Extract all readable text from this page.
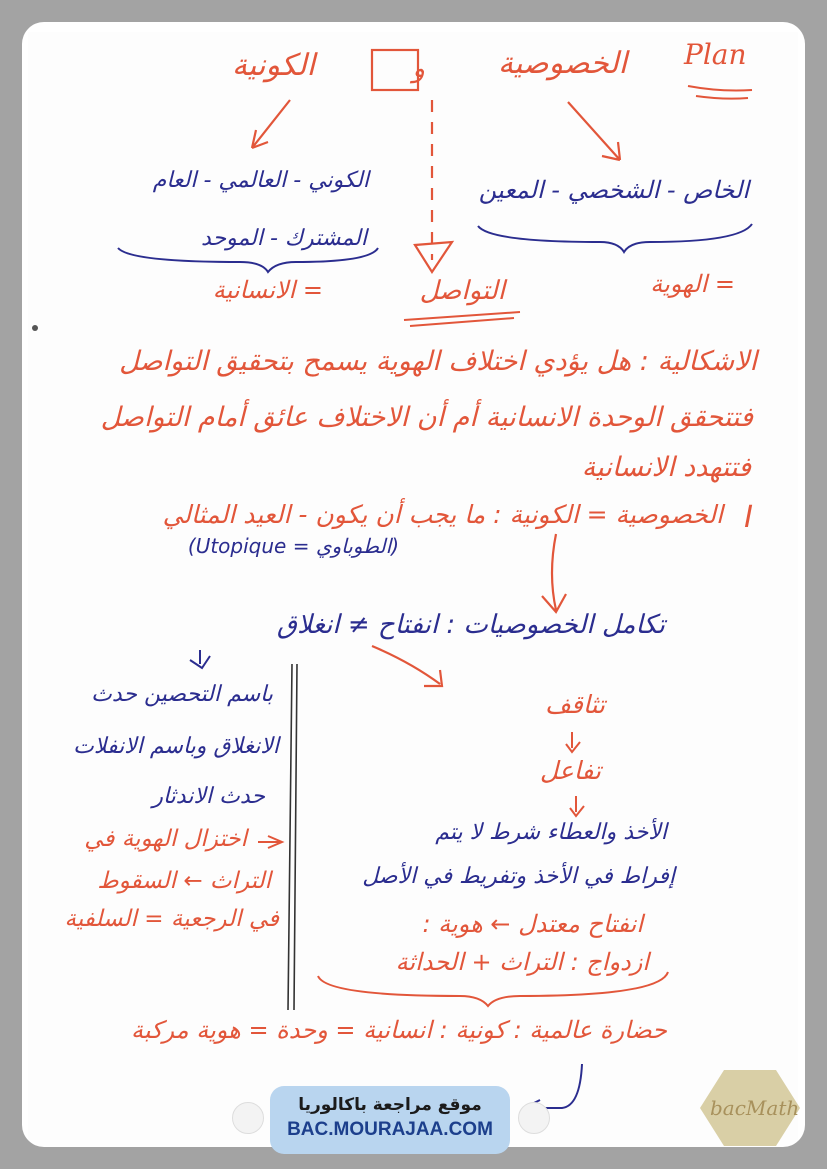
Plan
الخصوصية
و
الكونية
الكوني - العالمي - العام
المشترك - الموحد
الخاص - الشخصي - المعين
= الهوية
التواصل
= الانسانية
الاشكالية : هل يؤدي اختلاف الهوية يسمح بتحقيق التواصل
فتتحقق الوحدة الانسانية أم أن الاختلاف عائق أمام التواصل
فتتهدد الانسانية
I
الخصوصية = الكونية : ما يجب أن يكون - العيد المثالي
(الطوباوي = Utopique)
تكامل الخصوصيات : انفتاح ≠ انغلاق
باسم التحصين حدث
الانغلاق وباسم الانفلات
حدث الاندثار
اختزال الهوية في
التراث ← السقوط
في الرجعية = السلفية
تثاقف
تفاعل
الأخذ والعطاء شرط لا يتم
إفراط في الأخذ وتفريط في الأصل
انفتاح معتدل ← هوية :
ازدواج : التراث + الحداثة
حضارة عالمية : كونية : انسانية = وحدة = هوية مركبة
موقع مراجعة باكالوريا
BAC.MOURAJAA.COM
bacMath
